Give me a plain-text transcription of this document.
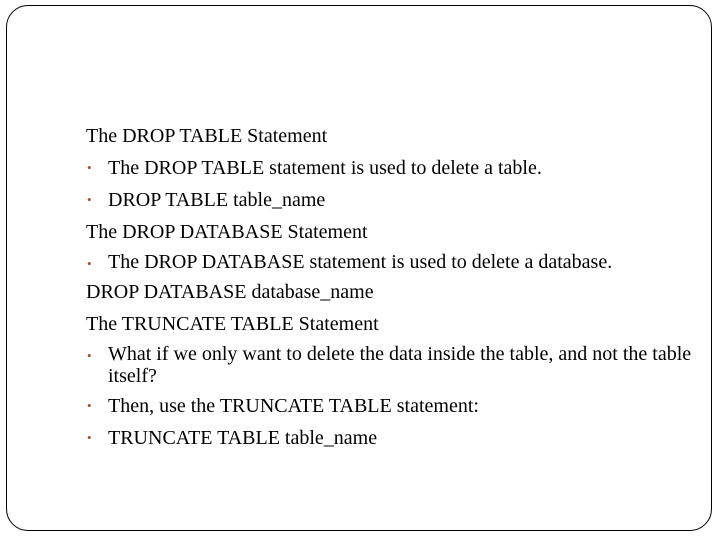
The DROP TABLE Statement

• The DROP TABLE statement is used to delete a table.

• DROP TABLE table_name

The DROP DATABASE Statement

• The DROP DATABASE statement is used to delete a database.

DROP DATABASE database_name

The TRUNCATE TABLE Statement

• What if we only want to delete the data inside the table, and not the table itself?

• Then, use the TRUNCATE TABLE statement:

• TRUNCATE TABLE table_name
